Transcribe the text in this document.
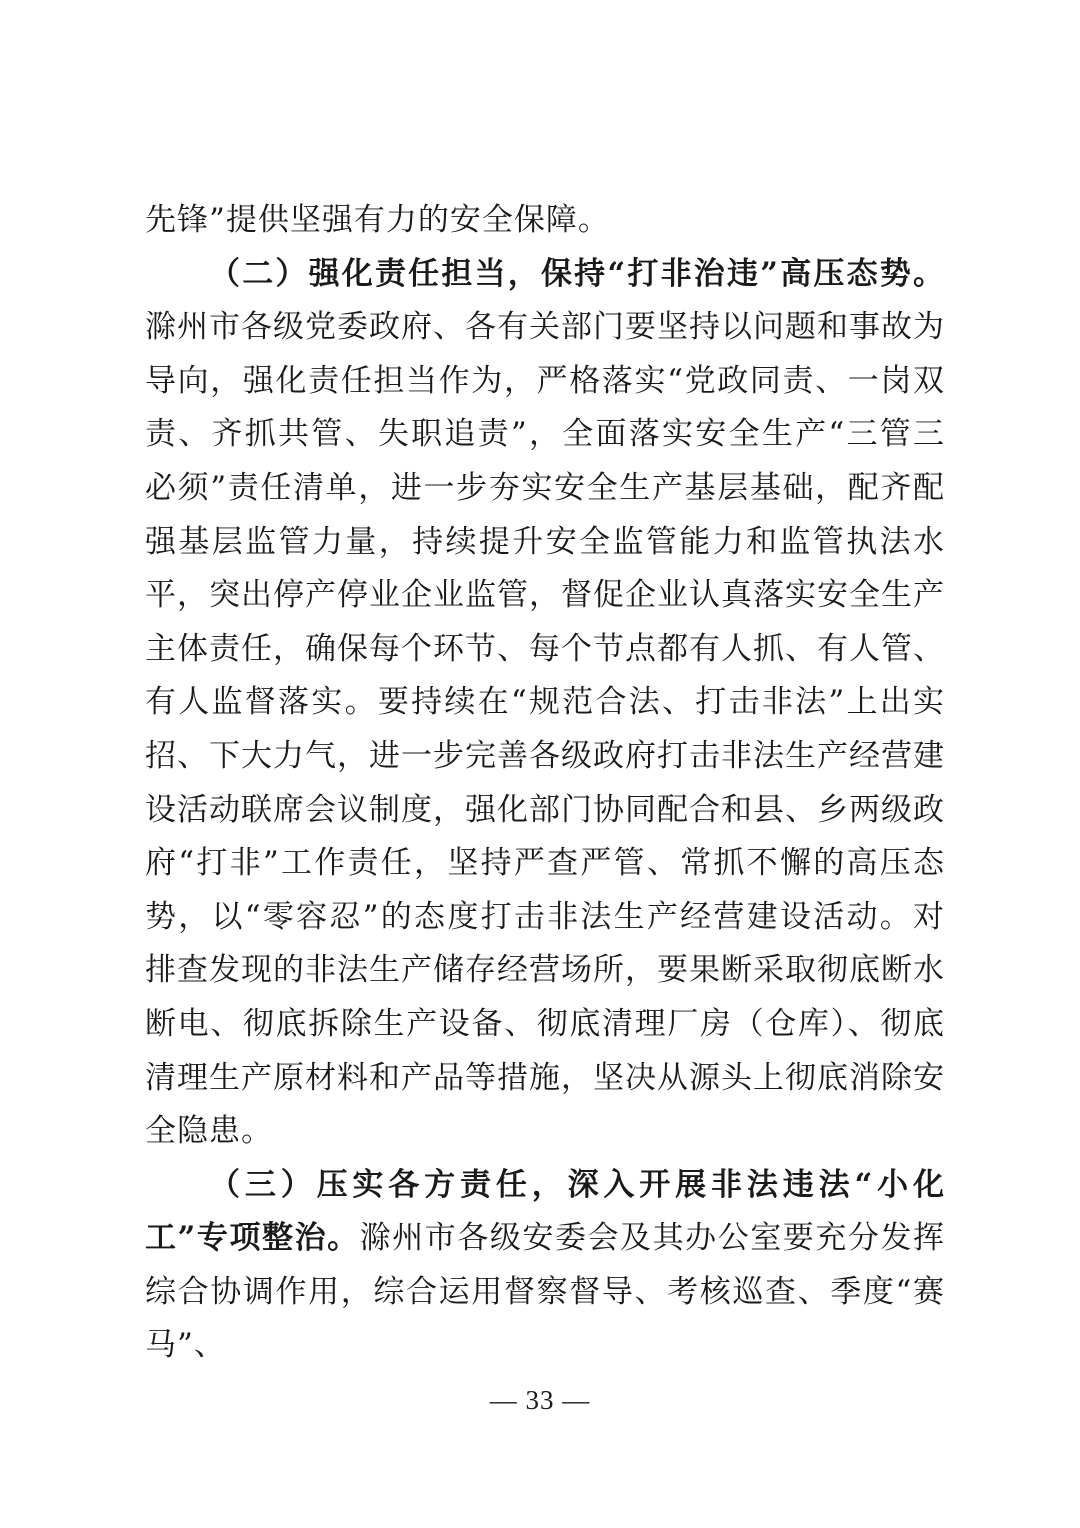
先锋”提供坚强有力的安全保障。

（二）强化责任担当，保持“打非治违”高压态势。滁州市各级党委政府、各有关部门要坚持以问题和事故为导向，强化责任担当作为，严格落实“党政同责、一岗双责、齐抓共管、失职追责”，全面落实安全生产“三管三必须”责任清单，进一步夯实安全生产基层基础，配齐配强基层监管力量，持续提升安全监管能力和监管执法水平，突出停产停业企业监管，督促企业认真落实安全生产主体责任，确保每个环节、每个节点都有人抓、有人管、有人监督落实。要持续在“规范合法、打击非法”上出实招、下大力气，进一步完善各级政府打击非法生产经营建设活动联席会议制度，强化部门协同配合和县、乡两级政府“打非”工作责任，坚持严查严管、常抓不懈的高压态势，以“零容忍”的态度打击非法生产经营建设活动。对排查发现的非法生产储存经营场所，要果断采取彻底断水断电、彻底拆除生产设备、彻底清理厂房（仓库）、彻底清理生产原材料和产品等措施，坚决从源头上彻底消除安全隐患。

（三）压实各方责任，深入开展非法违法“小化工”专项整治。滁州市各级安委会及其办公室要充分发挥综合协调作用，综合运用督察督导、考核巡查、季度“赛马”、

— 33 —
